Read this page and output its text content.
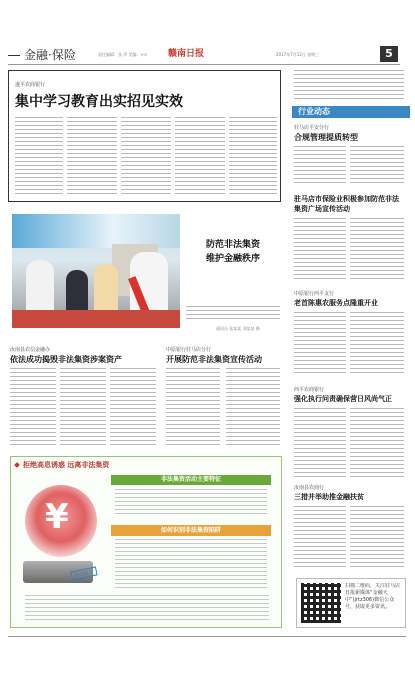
金融·保险	责任编辑：张 萍 美编：××	赣南日报	2017年7月12日 星期三	5
遂平农商银行
集中学习教育出实招见实效
防范非法集资
维护金融秩序
通讯员 张某某 刘某某 摄
汝南县农信金融办
依法成功捣毁非法集资涉案资产
中原银行驻马店分行
开展防范非法集资宣传活动
拒绝高息诱惑 远离非法集资
¥
非法集资
非法集资活动主要特征
如何识别非法集资陷阱
行业动态
驻马店平安分行
合规管理提质转型
驻马店市保险业积极参加防范非法集资广场宣传活动
中原银行西平支行
老首陈惠农服务点隆重开业
西平农商银行
强化执行问责确保营日风尚气正
汝南县农商行
三措并举助推金融扶贫
扫描二维码，关注驻马店日报新媒体“金融天中”(jrtz306)微信公众号，获取更多资讯。
